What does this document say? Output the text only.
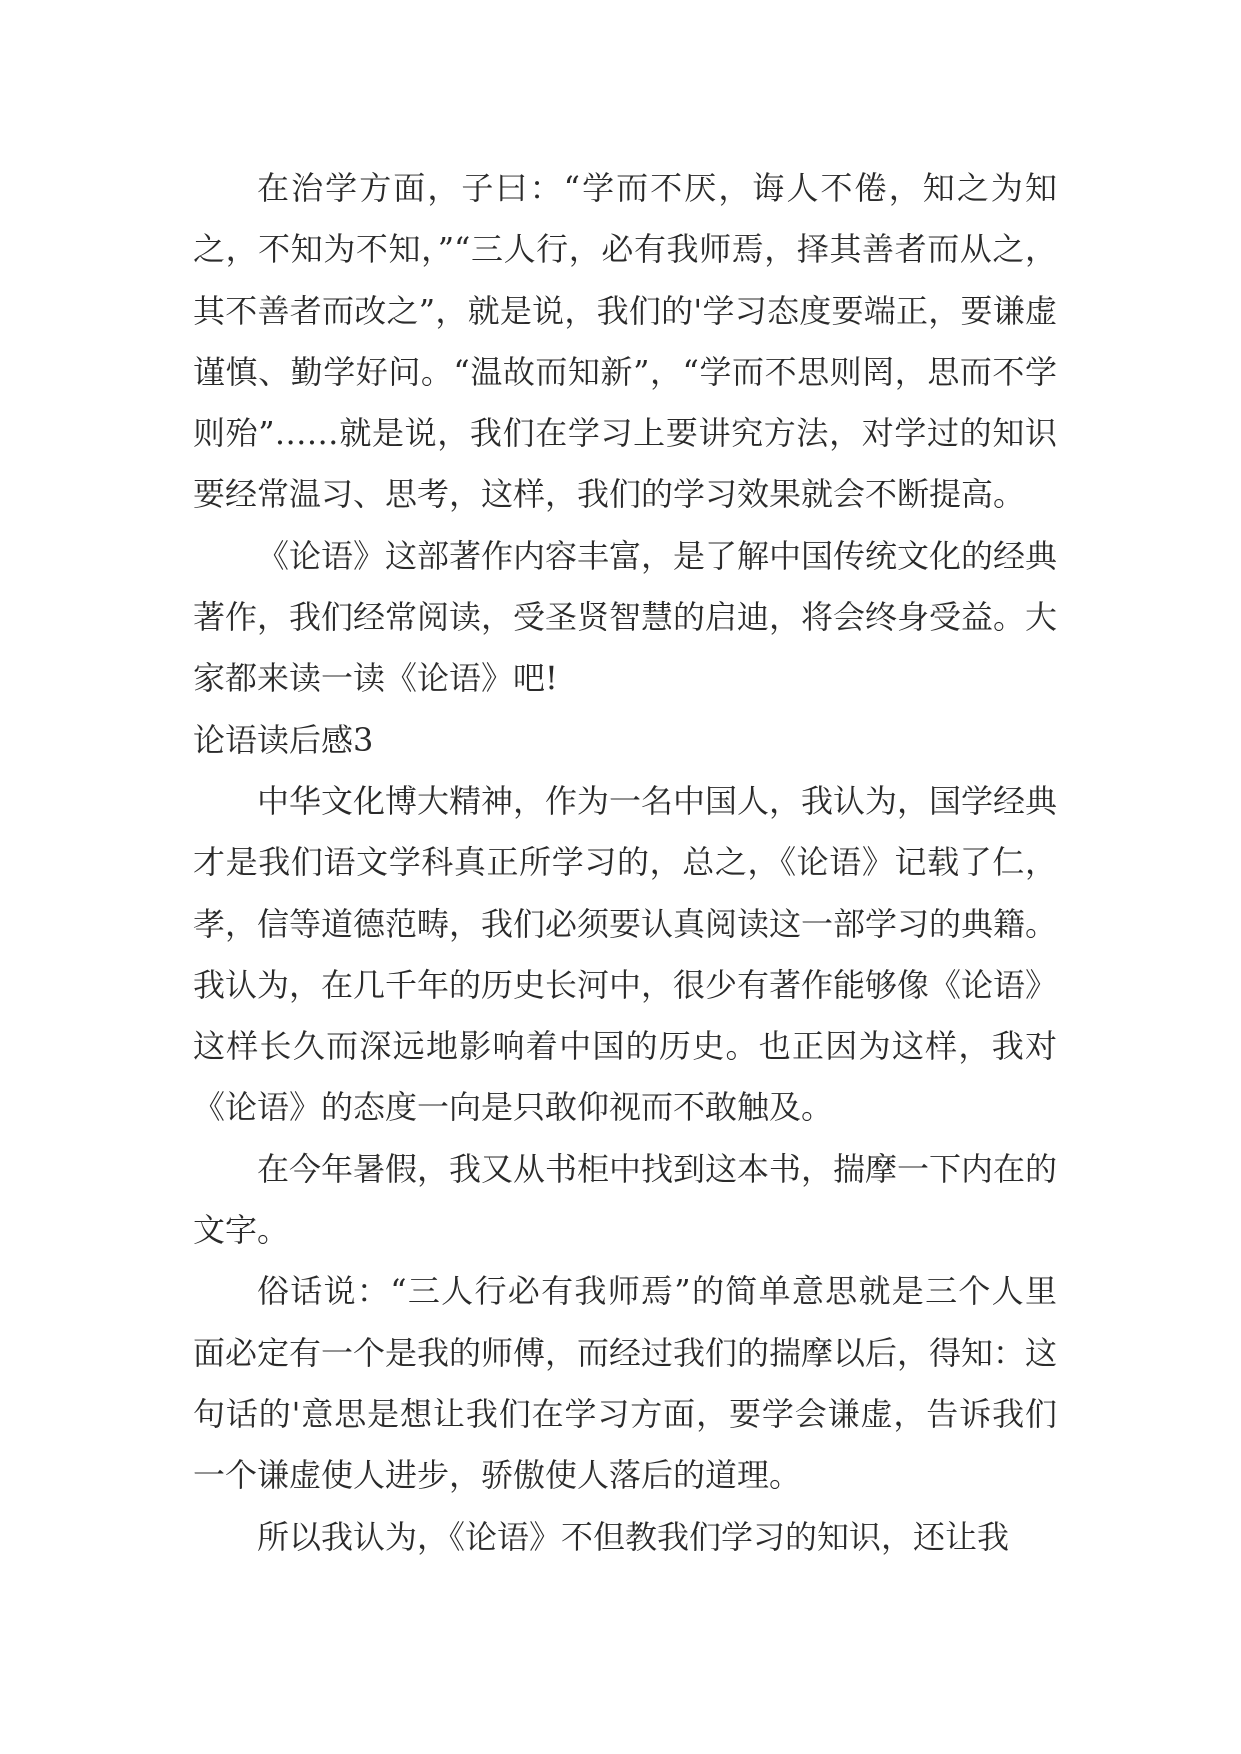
在治学方面，子曰：“学而不厌，诲人不倦，知之为知之，不知为不知，”“三人行，必有我师焉，择其善者而从之，其不善者而改之”，就是说，我们的'学习态度要端正，要谦虚谨慎、勤学好问。“温故而知新”，“学而不思则罔，思而不学则殆”……就是说，我们在学习上要讲究方法，对学过的知识要经常温习、思考，这样，我们的学习效果就会不断提高。

《论语》这部著作内容丰富，是了解中国传统文化的经典著作，我们经常阅读，受圣贤智慧的启迪，将会终身受益。大家都来读一读《论语》吧!

论语读后感3

中华文化博大精神，作为一名中国人，我认为，国学经典才是我们语文学科真正所学习的，总之，《论语》记载了仁，孝，信等道德范畴，我们必须要认真阅读这一部学习的典籍。我认为，在几千年的历史长河中，很少有著作能够像《论语》这样长久而深远地影响着中国的历史。也正因为这样，我对《论语》的态度一向是只敢仰视而不敢触及。

在今年暑假，我又从书柜中找到这本书，揣摩一下内在的文字。

俗话说：“三人行必有我师焉”的简单意思就是三个人里面必定有一个是我的师傅，而经过我们的揣摩以后，得知：这句话的'意思是想让我们在学习方面，要学会谦虚，告诉我们一个谦虚使人进步，骄傲使人落后的道理。

所以我认为，《论语》不但教我们学习的知识，还让我
